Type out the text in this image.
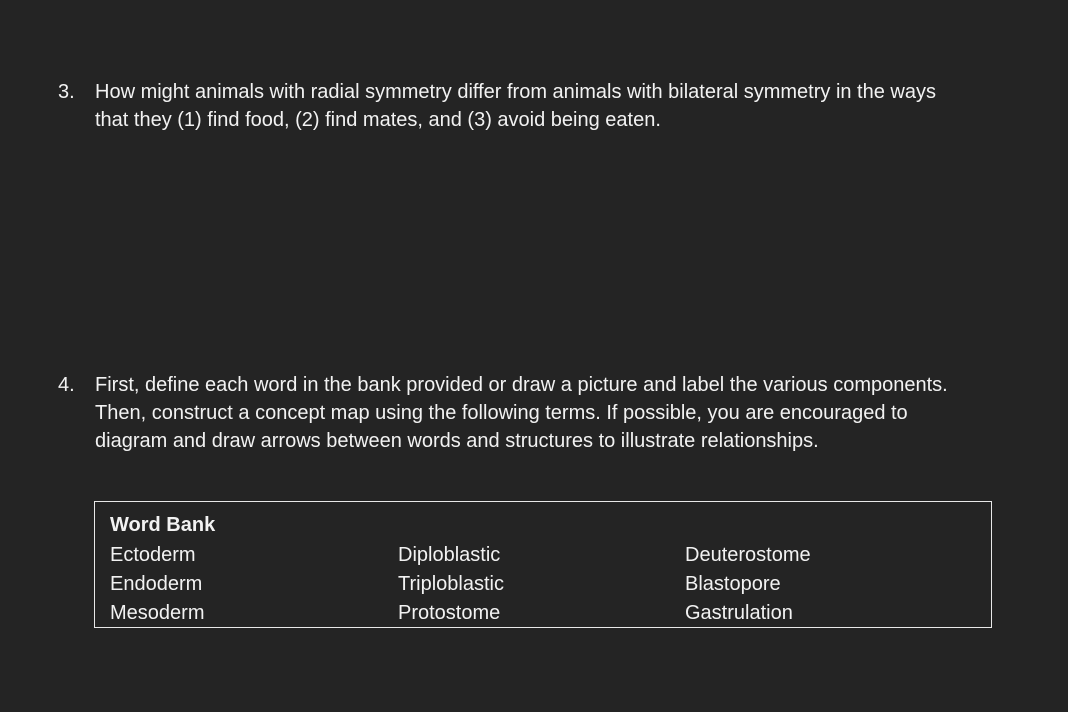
3.	How might animals with radial symmetry differ from animals with bilateral symmetry in the ways that they (1) find food, (2) find mates, and (3) avoid being eaten.
4.	First, define each word in the bank provided or draw a picture and label the various components. Then, construct a concept map using the following terms. If possible, you are encouraged to diagram and draw arrows between words and structures to illustrate relationships.
Word Bank
Ectoderm
Endoderm
Mesoderm
Diploblastic
Triploblastic
Protostome
Deuterostome
Blastopore
Gastrulation
